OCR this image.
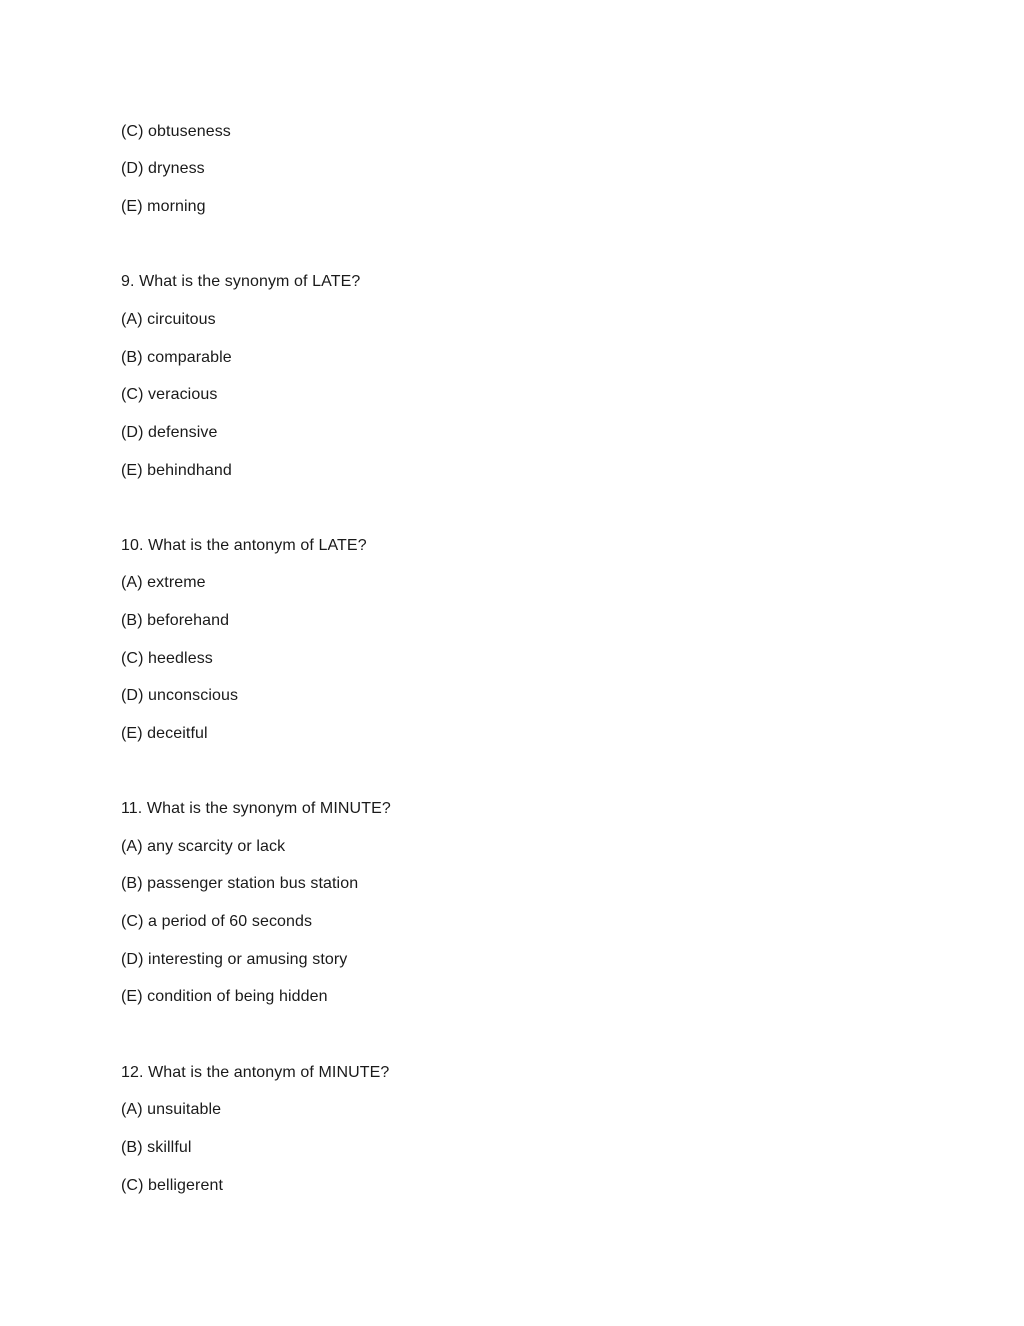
(C) obtuseness
(D) dryness
(E) morning
9. What is the synonym of LATE?
(A) circuitous
(B) comparable
(C) veracious
(D) defensive
(E) behindhand
10. What is the antonym of LATE?
(A) extreme
(B) beforehand
(C) heedless
(D) unconscious
(E) deceitful
11. What is the synonym of MINUTE?
(A) any scarcity or lack
(B) passenger station bus station
(C) a period of 60 seconds
(D) interesting or amusing story
(E) condition of being hidden
12. What is the antonym of MINUTE?
(A) unsuitable
(B) skillful
(C) belligerent
